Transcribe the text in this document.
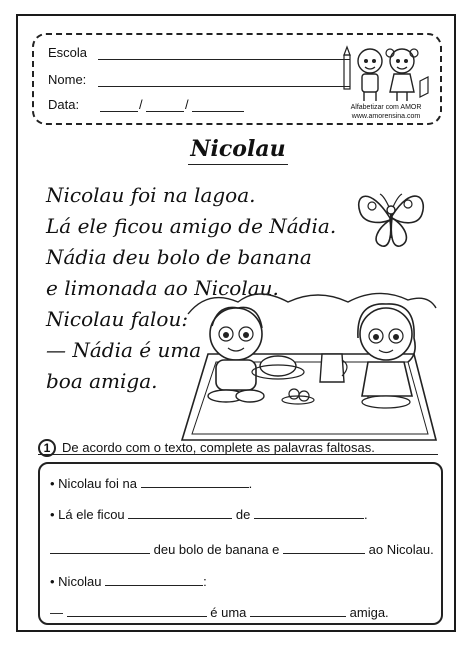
Escola
Nome:
Data:	/	/	Alfabetizar com AMOR
www.amorensina.com
Nicolau
Nicolau foi na lagoa.
Lá ele ficou amigo de Nádia.
Nádia deu bolo de banana
e limonada ao Nicolau.
Nicolau falou:
— Nádia é uma
boa amiga.
1 De acordo com o texto, complete as palavras faltosas.
• Nicolau foi na	.
• Lá ele ficou	de	.
deu bolo de banana e	ao Nicolau.
• Nicolau	:
—	é uma	amiga.
